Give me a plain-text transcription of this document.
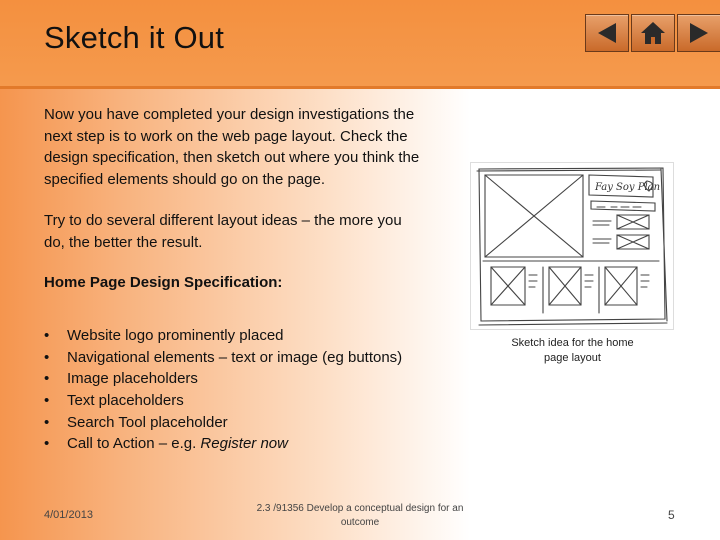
Sketch it Out

Now you have completed your design investigations the next step is to work on the web page layout. Check the design specification, then sketch out where you think the specified elements should go on the page.

Try to do several different layout ideas – the more you do, the better the result.

Home Page Design Specification:
• Website logo prominently placed
• Navigational elements – text or image (eg buttons)
• Image placeholders
• Text placeholders
• Search Tool placeholder
• Call to Action – e.g. Register now
Fay Soy Plan
Sketch idea for the home page layout
4/01/2013
2.3 /91356 Develop a conceptual design for an outcome
5
